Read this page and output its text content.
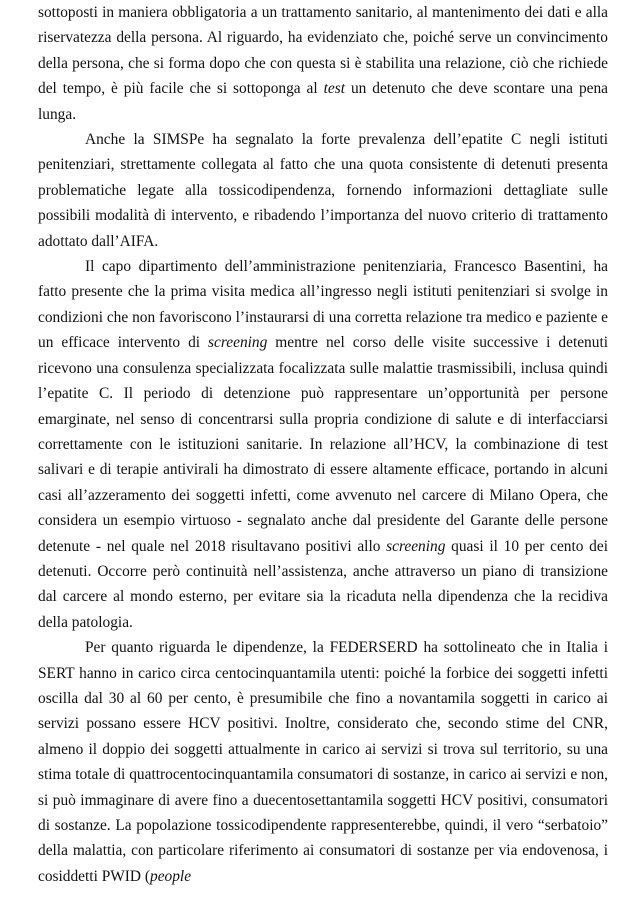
sottoposti in maniera obbligatoria a un trattamento sanitario, al mantenimento dei dati e alla riservatezza della persona. Al riguardo, ha evidenziato che, poiché serve un convincimento della persona, che si forma dopo che con questa si è stabilita una relazione, ciò che richiede del tempo, è più facile che si sottoponga al test un detenuto che deve scontare una pena lunga.

Anche la SIMSPe ha segnalato la forte prevalenza dell’epatite C negli istituti penitenziari, strettamente collegata al fatto che una quota consistente di detenuti presenta problematiche legate alla tossicodipendenza, fornendo informazioni dettagliate sulle possibili modalità di intervento, e ribadendo l’importanza del nuovo criterio di trattamento adottato dall’AIFA.

Il capo dipartimento dell’amministrazione penitenziaria, Francesco Basentini, ha fatto presente che la prima visita medica all’ingresso negli istituti penitenziari si svolge in condizioni che non favoriscono l’instaurarsi di una corretta relazione tra medico e paziente e un efficace intervento di screening mentre nel corso delle visite successive i detenuti ricevono una consulenza specializzata focalizzata sulle malattie trasmissibili, inclusa quindi l’epatite C. Il periodo di detenzione può rappresentare un’opportunità per persone emarginate, nel senso di concentrarsi sulla propria condizione di salute e di interfacciarsi correttamente con le istituzioni sanitarie. In relazione all’HCV, la combinazione di test salivari e di terapie antivirali ha dimostrato di essere altamente efficace, portando in alcuni casi all’azzeramento dei soggetti infetti, come avvenuto nel carcere di Milano Opera, che considera un esempio virtuoso - segnalato anche dal presidente del Garante delle persone detenute - nel quale nel 2018 risultavano positivi allo screening quasi il 10 per cento dei detenuti. Occorre però continuità nell’assistenza, anche attraverso un piano di transizione dal carcere al mondo esterno, per evitare sia la ricaduta nella dipendenza che la recidiva della patologia.

Per quanto riguarda le dipendenze, la FEDERSERD ha sottolineato che in Italia i SERT hanno in carico circa centocinquantamila utenti: poiché la forbice dei soggetti infetti oscilla dal 30 al 60 per cento, è presumibile che fino a novantamila soggetti in carico ai servizi possano essere HCV positivi. Inoltre, considerato che, secondo stime del CNR, almeno il doppio dei soggetti attualmente in carico ai servizi si trova sul territorio, su una stima totale di quattrocentocinquantamila consumatori di sostanze, in carico ai servizi e non, si può immaginare di avere fino a duecentosettantamila soggetti HCV positivi, consumatori di sostanze. La popolazione tossicodipendente rappresenterebbe, quindi, il vero “serbatoio” della malattia, con particolare riferimento ai consumatori di sostanze per via endovenosa, i cosiddetti PWID (people
